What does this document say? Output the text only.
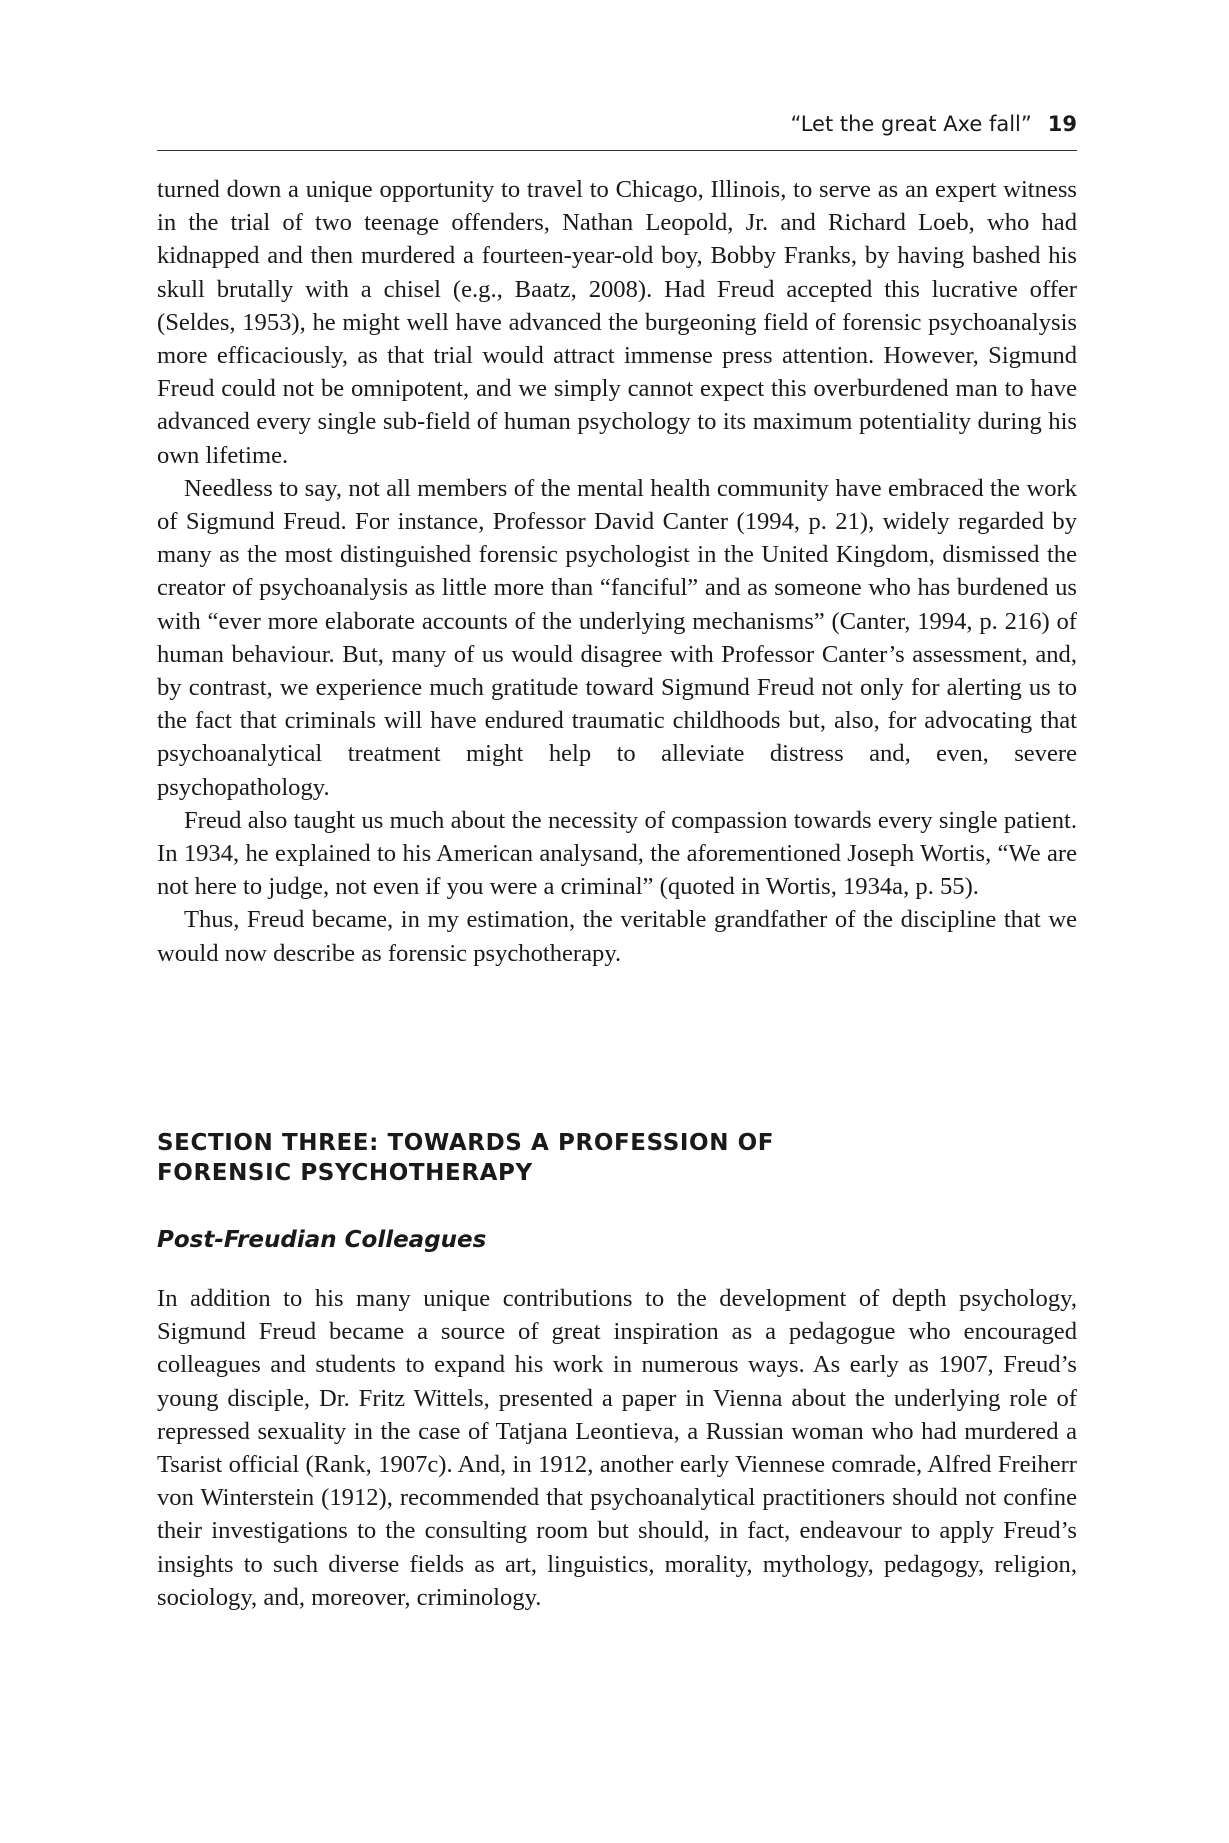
“Let the great Axe fall” 19

turned down a unique opportunity to travel to Chicago, Illinois, to serve as an expert witness in the trial of two teenage offenders, Nathan Leopold, Jr. and Richard Loeb, who had kidnapped and then murdered a fourteen-year-old boy, Bobby Franks, by having bashed his skull brutally with a chisel (e.g., Baatz, 2008). Had Freud accepted this lucrative offer (Seldes, 1953), he might well have advanced the burgeoning field of forensic psychoanalysis more efficaciously, as that trial would attract immense press attention. However, Sigmund Freud could not be omnipotent, and we simply cannot expect this overburdened man to have advanced every single sub-field of human psychology to its maximum potentiality during his own lifetime.

Needless to say, not all members of the mental health community have embraced the work of Sigmund Freud. For instance, Professor David Canter (1994, p. 21), widely regarded by many as the most distinguished forensic psychologist in the United Kingdom, dismissed the creator of psychoanalysis as little more than “fanciful” and as someone who has burdened us with “ever more elaborate accounts of the underlying mechanisms” (Canter, 1994, p. 216) of human behaviour. But, many of us would disagree with Professor Canter’s assessment, and, by contrast, we experience much gratitude toward Sigmund Freud not only for alerting us to the fact that criminals will have endured traumatic childhoods but, also, for advocating that psychoanalytical treatment might help to alleviate distress and, even, severe psychopathology.

Freud also taught us much about the necessity of compassion towards every single patient. In 1934, he explained to his American analysand, the aforementioned Joseph Wortis, “We are not here to judge, not even if you were a criminal” (quoted in Wortis, 1934a, p. 55).

Thus, Freud became, in my estimation, the veritable grandfather of the discipline that we would now describe as forensic psychotherapy.

SECTION THREE: TOWARDS A PROFESSION OF FORENSIC PSYCHOTHERAPY
Post-Freudian Colleagues

In addition to his many unique contributions to the development of depth psychology, Sigmund Freud became a source of great inspiration as a pedagogue who encouraged colleagues and students to expand his work in numerous ways. As early as 1907, Freud’s young disciple, Dr. Fritz Wittels, presented a paper in Vienna about the underlying role of repressed sexuality in the case of Tatjana Leontieva, a Russian woman who had murdered a Tsarist official (Rank, 1907c). And, in 1912, another early Viennese comrade, Alfred Freiherr von Winterstein (1912), recommended that psychoanalytical practitioners should not confine their investigations to the consulting room but should, in fact, endeavour to apply Freud’s insights to such diverse fields as art, linguistics, morality, mythology, pedagogy, religion, sociology, and, moreover, criminology.
